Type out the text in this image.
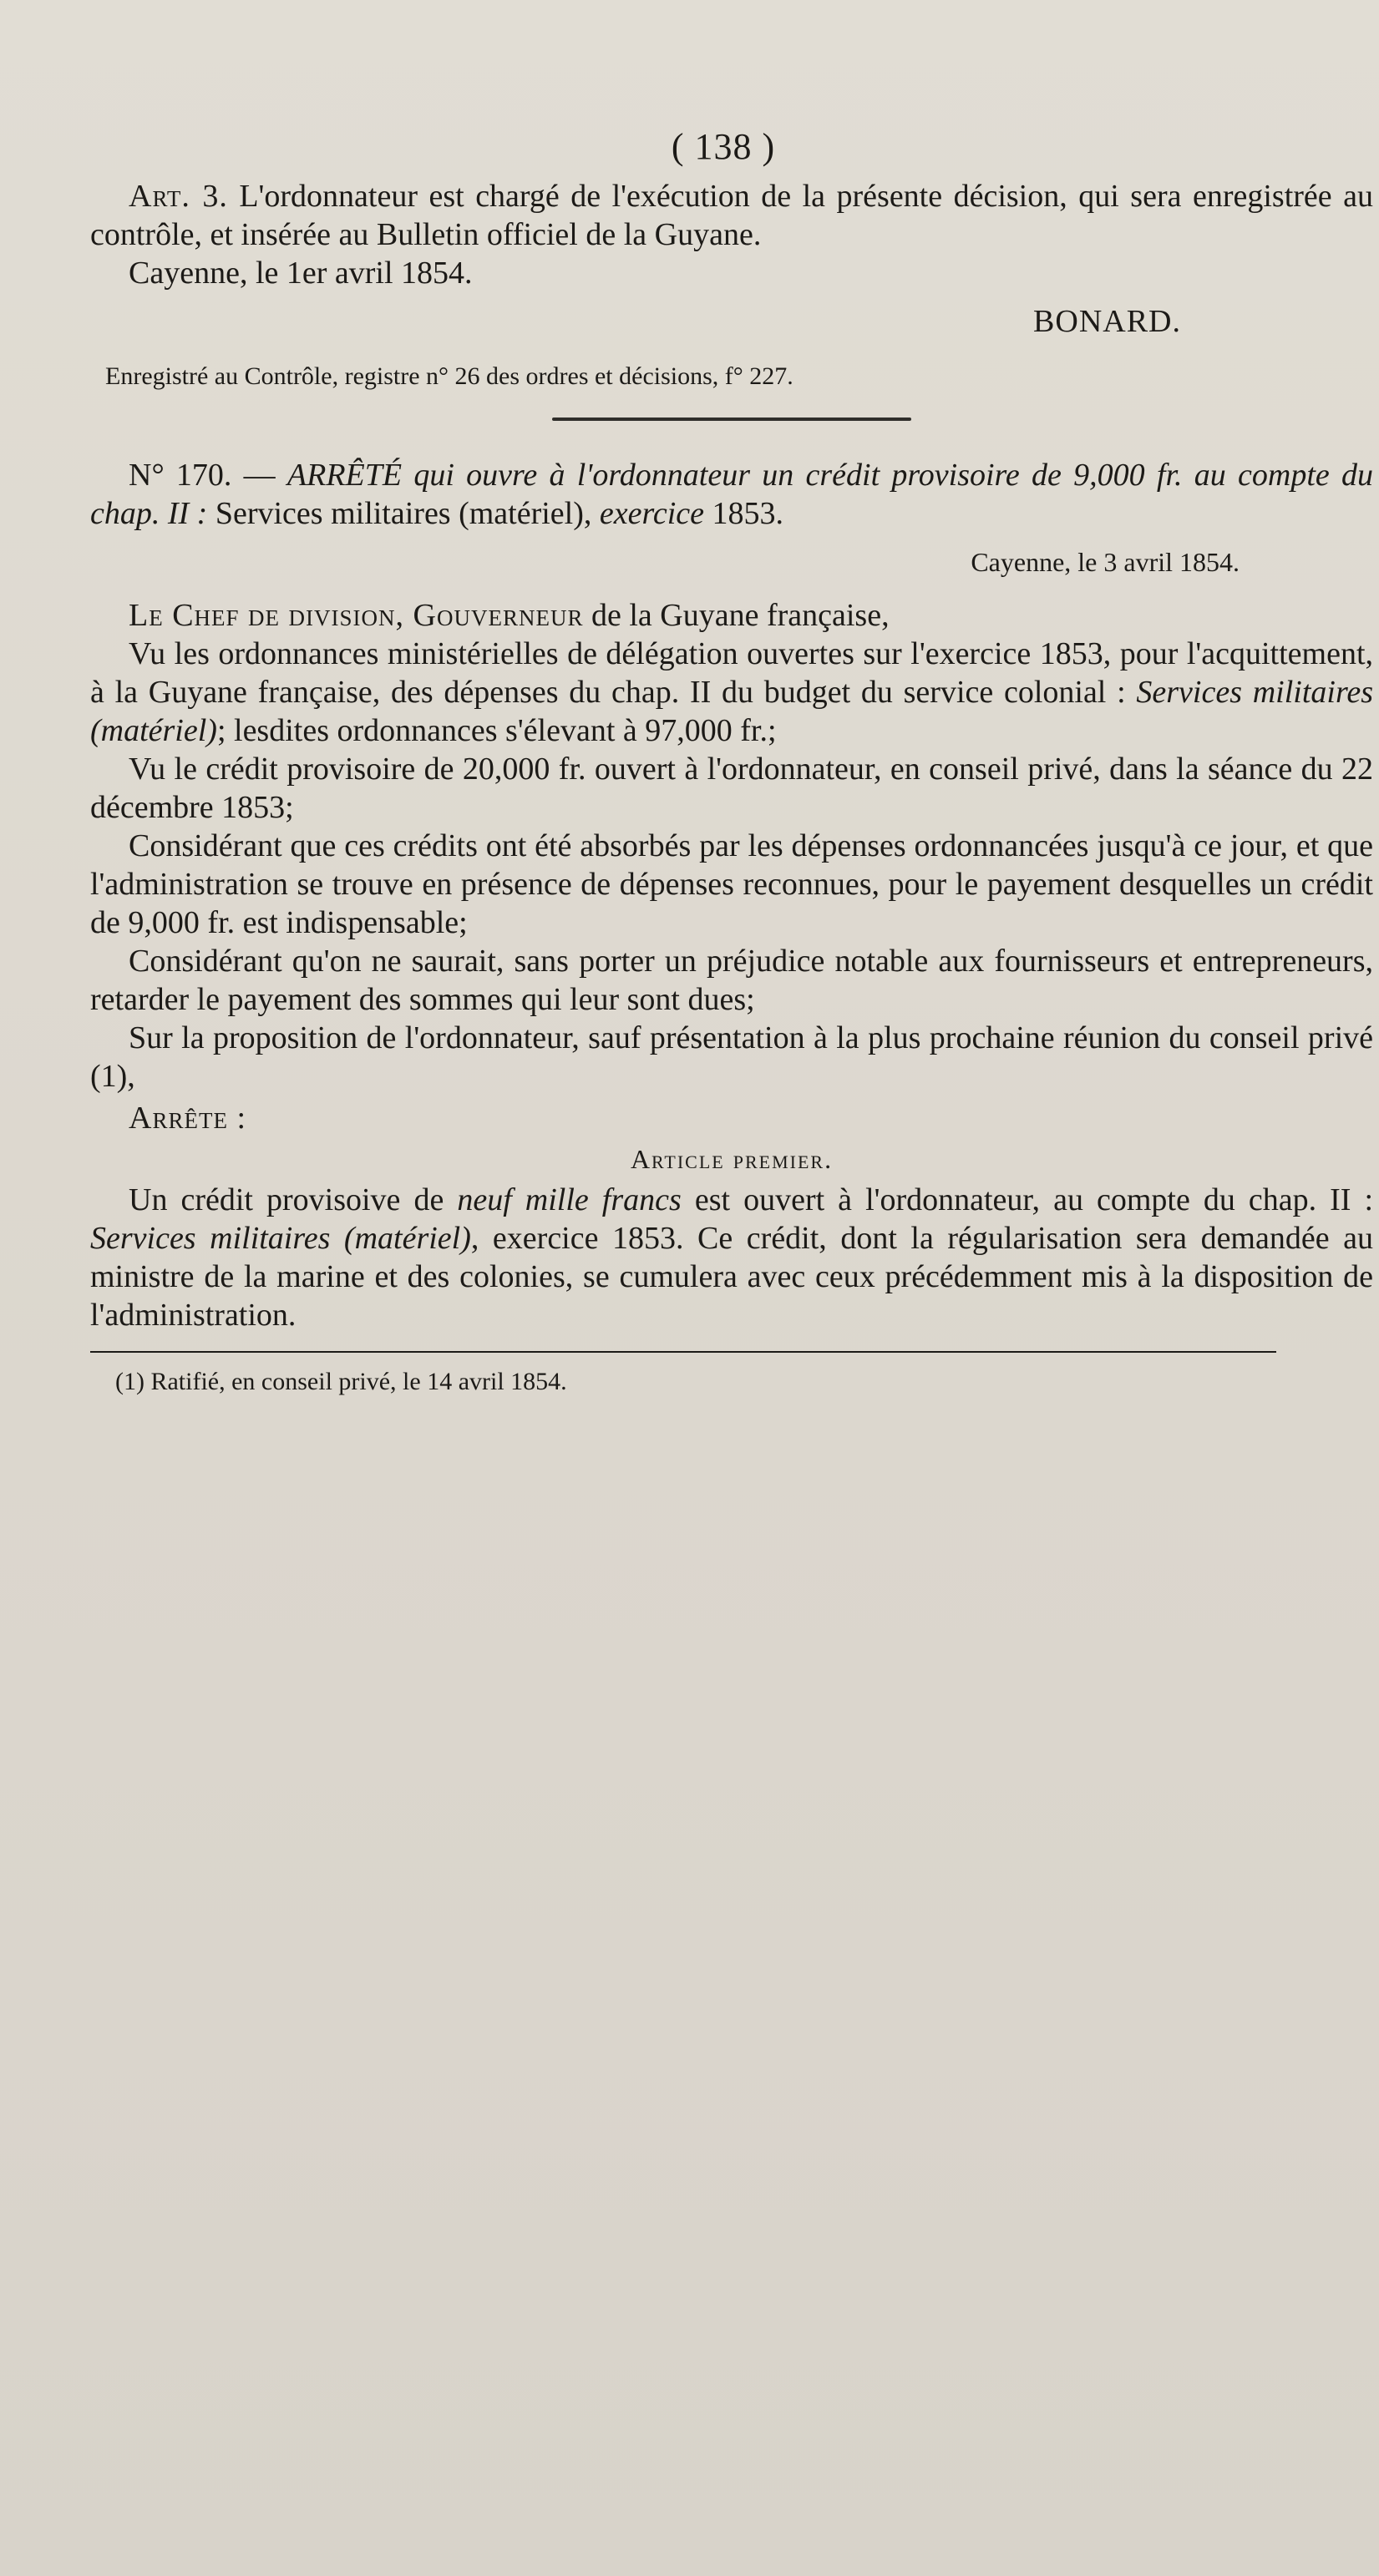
( 138 )

Art. 3. L'ordonnateur est chargé de l'exécution de la présente décision, qui sera enregistrée au contrôle, et insérée au Bulletin officiel de la Guyane.

Cayenne, le 1er avril 1854.

BONARD.
Enregistré au Contrôle, registre n° 26 des ordres et décisions, f° 227.

N° 170. — ARRÊTÉ qui ouvre à l'ordonnateur un crédit provisoire de 9,000 fr. au compte du chap. II : Services militaires (matériel), exercice 1853.

Cayenne, le 3 avril 1854.

Le Chef de division, Gouverneur de la Guyane française,

Vu les ordonnances ministérielles de délégation ouvertes sur l'exercice 1853, pour l'acquittement, à la Guyane française, des dépenses du chap. II du budget du service colonial : Services militaires (matériel); lesdites ordonnances s'élevant à 97,000 fr.;

Vu le crédit provisoire de 20,000 fr. ouvert à l'ordonnateur, en conseil privé, dans la séance du 22 décembre 1853;

Considérant que ces crédits ont été absorbés par les dépenses ordonnancées jusqu'à ce jour, et que l'administration se trouve en présence de dépenses reconnues, pour le payement desquelles un crédit de 9,000 fr. est indispensable;

Considérant qu'on ne saurait, sans porter un préjudice notable aux fournisseurs et entrepreneurs, retarder le payement des sommes qui leur sont dues;

Sur la proposition de l'ordonnateur, sauf présentation à la plus prochaine réunion du conseil privé (1),

Arrête :

Article premier.

Un crédit provisoive de neuf mille francs est ouvert à l'ordonnateur, au compte du chap. II : Services militaires (matériel), exercice 1853. Ce crédit, dont la régularisation sera demandée au ministre de la marine et des colonies, se cumulera avec ceux précédemment mis à la disposition de l'administration.

(1) Ratifié, en conseil privé, le 14 avril 1854.
